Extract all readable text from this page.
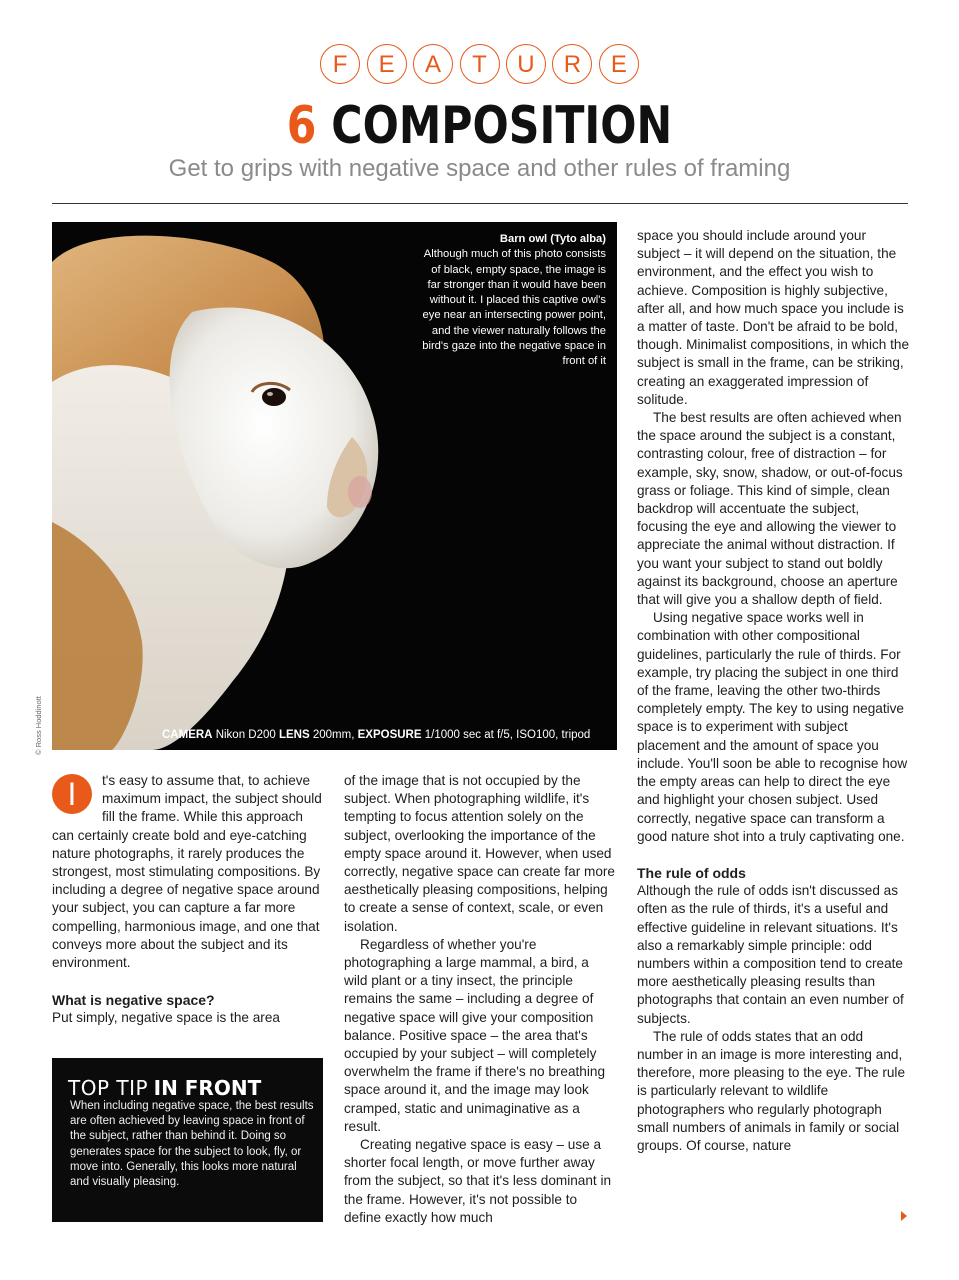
F E A T U R E
6 COMPOSITION
Get to grips with negative space and other rules of framing
Barn owl (Tyto alba)
Although much of this photo consists of black, empty space, the image is far stronger than it would have been without it. I placed this captive owl's eye near an intersecting power point, and the viewer naturally follows the bird's gaze into the negative space in front of it
© Ross Hoddinott	CAMERA Nikon D200 LENS 200mm, EXPOSURE 1/1000 sec at f/5, ISO100, tripod

I	t's easy to assume that, to achieve maximum impact, the subject should fill the frame. While this approach can certainly create bold and eye-catching nature photographs, it rarely produces the strongest, most stimulating compositions. By including a degree of negative space around your subject, you can capture a far more compelling, harmonious image, and one that conveys more about the subject and its environment.

What is negative space?

Put simply, negative space is the area

TOP TIP IN FRONT
When including negative space, the best results are often achieved by leaving space in front of the subject, rather than behind it. Doing so generates space for the subject to look, fly, or move into. Generally, this looks more natural and visually pleasing.

of the image that is not occupied by the subject. When photographing wildlife, it's tempting to focus attention solely on the subject, overlooking the importance of the empty space around it. However, when used correctly, negative space can create far more aesthetically pleasing compositions, helping to create a sense of context, scale, or even isolation.

Regardless of whether you're photographing a large mammal, a bird, a wild plant or a tiny insect, the principle remains the same – including a degree of negative space will give your composition balance. Positive space – the area that's occupied by your subject – will completely overwhelm the frame if there's no breathing space around it, and the image may look cramped, static and unimaginative as a result.

Creating negative space is easy – use a shorter focal length, or move further away from the subject, so that it's less dominant in the frame. However, it's not possible to define exactly how much

space you should include around your subject – it will depend on the situation, the environment, and the effect you wish to achieve. Composition is highly subjective, after all, and how much space you include is a matter of taste. Don't be afraid to be bold, though. Minimalist compositions, in which the subject is small in the frame, can be striking, creating an exaggerated impression of solitude.

The best results are often achieved when the space around the subject is a constant, contrasting colour, free of distraction – for example, sky, snow, shadow, or out-of-focus grass or foliage. This kind of simple, clean backdrop will accentuate the subject, focusing the eye and allowing the viewer to appreciate the animal without distraction. If you want your subject to stand out boldly against its background, choose an aperture that will give you a shallow depth of field.

Using negative space works well in combination with other compositional guidelines, particularly the rule of thirds. For example, try placing the subject in one third of the frame, leaving the other two-thirds completely empty. The key to using negative space is to experiment with subject placement and the amount of space you include. You'll soon be able to recognise how the empty areas can help to direct the eye and highlight your chosen subject. Used correctly, negative space can transform a good nature shot into a truly captivating one.

The rule of odds

Although the rule of odds isn't discussed as often as the rule of thirds, it's a useful and effective guideline in relevant situations. It's also a remarkably simple principle: odd numbers within a composition tend to create more aesthetically pleasing results than photographs that contain an even number of subjects.

The rule of odds states that an odd number in an image is more interesting and, therefore, more pleasing to the eye. The rule is particularly relevant to wildlife photographers who regularly photograph small numbers of animals in family or social groups. Of course, nature
